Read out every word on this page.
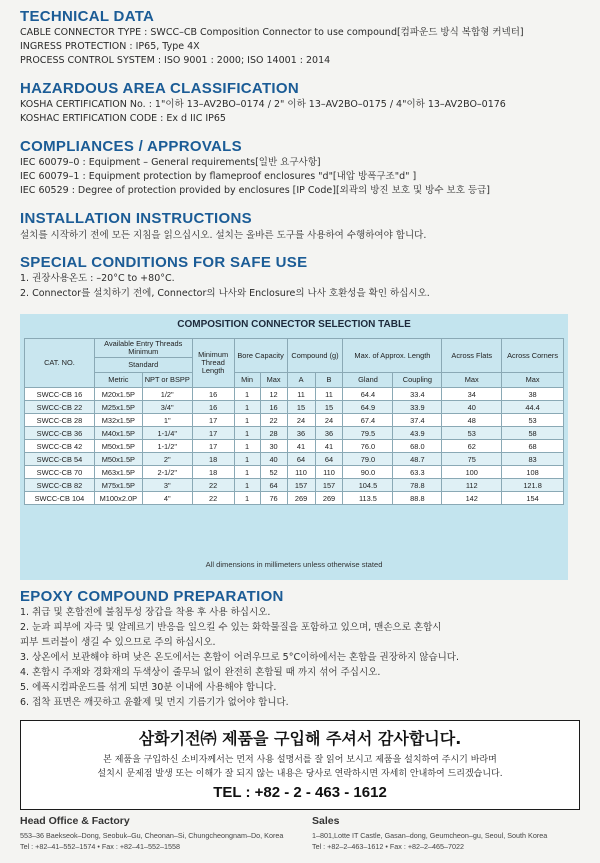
TECHNICAL DATA
CABLE CONNECTOR TYPE : SWCC–CB Composition Connector to use compound[컴파운드 방식 복합형 커넥터]
INGRESS PROTECTION : IP65, Type 4X
PROCESS CONTROL SYSTEM : ISO 9001 : 2000; ISO 14001 : 2014
HAZARDOUS AREA CLASSIFICATION
KOSHA CERTIFICATION No. : 1"이하 13–AV2BO–0174 / 2" 이하 13–AV2BO–0175 / 4"이하 13–AV2BO–0176
KOSHAC ERTIFICATION CODE : Ex d IIC IP65
COMPLIANCES / APPROVALS
IEC 60079–0 : Equipment – General requirements[일반 요구사항]
IEC 60079–1 : Equipment protection by flameproof enclosures "d"[내압 방폭구조"d" ]
IEC 60529 : Degree of protection provided by enclosures [IP Code][외곽의 방진 보호 및 방수 보호 등급]
INSTALLATION INSTRUCTIONS
설치를 시작하기 전에 모든 지침을 읽으십시오. 설치는 올바른 도구를 사용하여 수행하여야 합니다.
SPECIAL CONDITIONS FOR SAFE USE
1. 권장사용온도 : –20°C to +80°C.
2. Connector를 설치하기 전에, Connector의 나사와 Enclosure의 나사 호환성을 확인 하십시오.
COMPOSITION CONNECTOR SELECTION TABLE
CAT. NO.	Available Entry Threads Minimum		Minimum Thread Length	Bore Capacity		Compound (g)		Max. of Approx. Length		Across Flats	Across Corners
	Standard										
	Metric	NPT or BSPP		Min	Max	A	B	Gland	Coupling	Max	Max
SWCC-CB 16	M20x1.5P	1/2"	16	1	12	11	11	64.4	33.4	34	38
SWCC-CB 22	M25x1.5P	3/4"	16	1	16	15	15	64.9	33.9	40	44.4
SWCC-CB 28	M32x1.5P	1"	17	1	22	24	24	67.4	37.4	48	53
SWCC-CB 36	M40x1.5P	1-1/4"	17	1	28	36	36	79.5	43.9	53	58
SWCC-CB 42	M50x1.5P	1-1/2"	17	1	30	41	41	76.0	68.0	62	68
SWCC-CB 54	M50x1.5P	2"	18	1	40	64	64	79.0	48.7	75	83
SWCC-CB 70	M63x1.5P	2-1/2"	18	1	52	110	110	90.0	63.3	100	108
SWCC-CB 82	M75x1.5P	3"	22	1	64	157	157	104.5	78.8	112	121.8
SWCC-CB 104	M100x2.0P	4"	22	1	76	269	269	113.5	88.8	142	154
All dimensions in millimeters unless otherwise stated
EPOXY COMPOUND PREPARATION
1. 취급 및 혼합전에 불침투성 장갑을 착용 후 사용 하십시오.
2. 눈과 피부에 자극 및 알레르기 반응을 일으킬 수 있는 화학물질을 포함하고 있으며, 맨손으로 혼합시
피부 트러블이 생길 수 있으므로 주의 하십시오.
3. 상온에서 보관해야 하며 낮은 온도에서는 혼합이 어려우므로 5°C이하에서는 혼합을 권장하지 않습니다.
4. 혼합시 주재와 경화재의 두색상이 줄무늬 없이 완전히 혼합될 때 까지 섞어 주십시오.
5. 에폭시컴파운드를 섞게 되면 30분 이내에 사용해야 합니다.
6. 접착 표면은 깨끗하고 윤활제 및 먼지 기름기가 없어야 합니다.
삼화기전㈜ 제품을 구입해 주셔서 감사합니다.
본 제품을 구입하신 소비자께서는 먼저 사용 설명서를 잘 읽어 보시고 제품을 설치하여 주시기 바라며
설치시 문제점 발생 또는 이해가 잘 되지 않는 내용은 당사로 연락하시면 자세히 안내하여 드리겠습니다.
TEL : +82 - 2 - 463 - 1612
Head Office & Factory
553–36 Baekseok–Dong, Seobuk–Gu, Cheonan–Si, Chungcheongnam–Do, Korea
Tel : +82–41–552–1574 • Fax : +82–41–552–1558
Sales
1–801,Lotte IT Castle, Gasan–dong, Geumcheon–gu, Seoul, South Korea
Tel : +82–2–463–1612 • Fax : +82–2–465–7022
